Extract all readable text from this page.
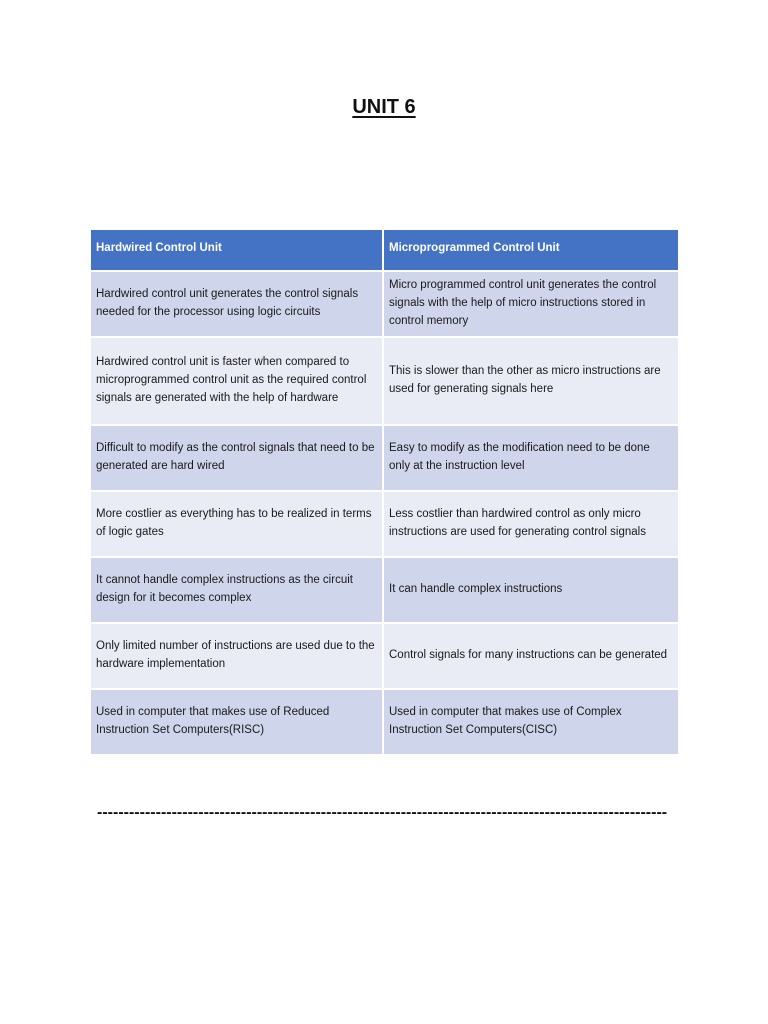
UNIT 6
Hardwired Control Unit	Microprogrammed Control Unit
Hardwired control unit generates the control signals needed for the processor using logic circuits	Micro programmed control unit generates the control signals with the help of micro instructions stored in control memory
Hardwired control unit is faster when compared to microprogrammed control unit as the required control signals are generated with the help of hardware	This is slower than the other as micro instructions are used for generating signals here
Difficult to modify as the control signals that need to be generated are hard wired	Easy to modify as the modification need to be done only at the instruction level
More costlier as everything has to be realized in terms of logic gates	Less costlier than hardwired control as only micro instructions are used for generating control signals
It cannot handle complex instructions as the circuit design for it becomes complex	It can handle complex instructions
Only limited number of instructions are used due to the hardware implementation	Control signals for many instructions can be generated
Used in computer that makes use of Reduced Instruction Set Computers(RISC)	Used in computer that makes use of Complex Instruction Set Computers(CISC)
-----------------------------------------------------------------------------------------------------------
